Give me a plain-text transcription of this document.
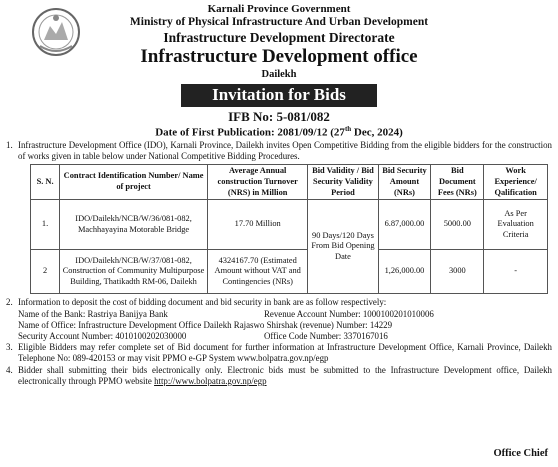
Karnali Province Government
Ministry of Physical Infrastructure And Urban Development
Infrastructure Development Directorate
Infrastructure Development office
Dailekh
Invitation for Bids
IFB No: 5-081/082
Date of First Publication: 2081/09/12 (27th Dec, 2024)
1. Infrastructure Development Office (IDO), Karnali Province, Dailekh invites Open Competitive Bidding from the eligible bidders for the construction of works given in table below under National Competitive Bidding Procedures.
S. N.	Contract Identification Number/ Name of project	Average Annual construction Turnover (NRS) in Million	Bid Validity / Bid Security Validity Period	Bid Security Amount (NRs)	Bid Document Fees (NRs)	Work Experience/ Qalification
1.	IDO/Dailekh/NCB/W/36/081-082, Machhayayina Motorable Bridge	17.70 Million	90 Days/120 Days From Bid Opening Date	6.87,000.00	5000.00	As Per Evaluation Criteria
2	IDO/Dailekh/NCB/W/37/081-082, Construction of Community Multipurpose Building, Thatikadth RM-06, Dailekh	4324167.70 (Estimated Amount without VAT and Contingencies (NRs)		1,26,000.00	3000	-
2. Information to deposit the cost of bidding document and bid security in bank are as follow respectively:
Name of the Bank: Rastriya Banijya Bank	Revenue Account Number: 1000100201010006
Name of Office: Infrastructure Development Office Dailekh Rajaswo Shirshak (revenue) Number: 14229
Security Account Number: 4010100202030000	Office Code Number: 3370167016
3. Eligible Bidders may refer complete set of Bid document for further information at Infrastructure Development Office, Karnali Province, Dailekh Telephone No: 089-420153 or may visit PPMO e-GP System www.bolpatra.gov.np/egp
4. Bidder shall submitting their bids electronically only. Electronic bids must be submitted to the Infrastructure Development office, Dailekh electronically through PPMO website http://www.bolpatra.gov.np/egp
Office Chief
